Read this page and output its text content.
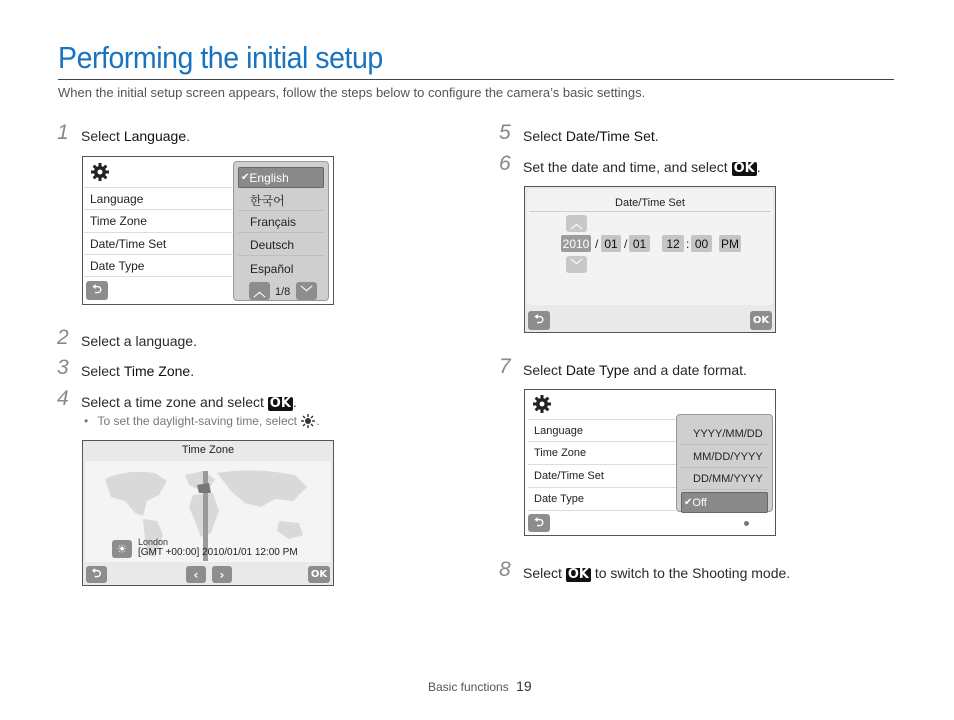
Performing the initial setup
When the initial setup screen appears, follow the steps below to configure the camera’s basic settings.
1 Select Language.
Language
Time Zone
Date/Time Set
Date Type
⮌
✔ English
한국어
Français
Deutsch
Español
︿ 1/8 ﹀
2 Select a language.
3 Select Time Zone.
4 Select a time zone and select OK .
• To set the daylight-saving time, select .
Time Zone
☀ London
[GMT +00:00] 2010/01/01 12:00 PM
⮌	‹ ›	OK
5 Select Date/Time Set.
6 Set the date and time, and select OK .
Date/Time Set
︿
2010 / 01 / 01	12 : 00	PM
﹀
⮌	OK
7 Select Date Type and a date format.
Language
Time Zone
Date/Time Set
Date Type
⮌
YYYY/MM/DD
MM/DD/YYYY
DD/MM/YYYY
✔ Off
8 Select OK to switch to the Shooting mode.
Basic functions 19
